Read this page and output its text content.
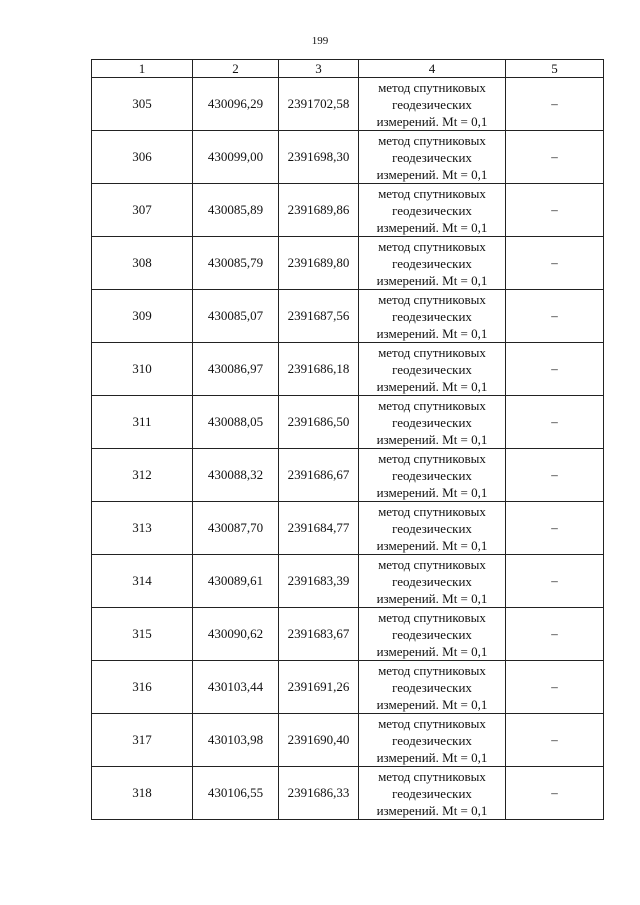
199
1	2	3	4	5
305	430096,29	2391702,58	метод спутниковых
геодезических
измерений. Mt = 0,1	–
306	430099,00	2391698,30	метод спутниковых
геодезических
измерений. Mt = 0,1	–
307	430085,89	2391689,86	метод спутниковых
геодезических
измерений. Mt = 0,1	–
308	430085,79	2391689,80	метод спутниковых
геодезических
измерений. Mt = 0,1	–
309	430085,07	2391687,56	метод спутниковых
геодезических
измерений. Mt = 0,1	–
310	430086,97	2391686,18	метод спутниковых
геодезических
измерений. Mt = 0,1	–
311	430088,05	2391686,50	метод спутниковых
геодезических
измерений. Mt = 0,1	–
312	430088,32	2391686,67	метод спутниковых
геодезических
измерений. Mt = 0,1	–
313	430087,70	2391684,77	метод спутниковых
геодезических
измерений. Mt = 0,1	–
314	430089,61	2391683,39	метод спутниковых
геодезических
измерений. Mt = 0,1	–
315	430090,62	2391683,67	метод спутниковых
геодезических
измерений. Mt = 0,1	–
316	430103,44	2391691,26	метод спутниковых
геодезических
измерений. Mt = 0,1	–
317	430103,98	2391690,40	метод спутниковых
геодезических
измерений. Mt = 0,1	–
318	430106,55	2391686,33	метод спутниковых
геодезических
измерений. Mt = 0,1	–
